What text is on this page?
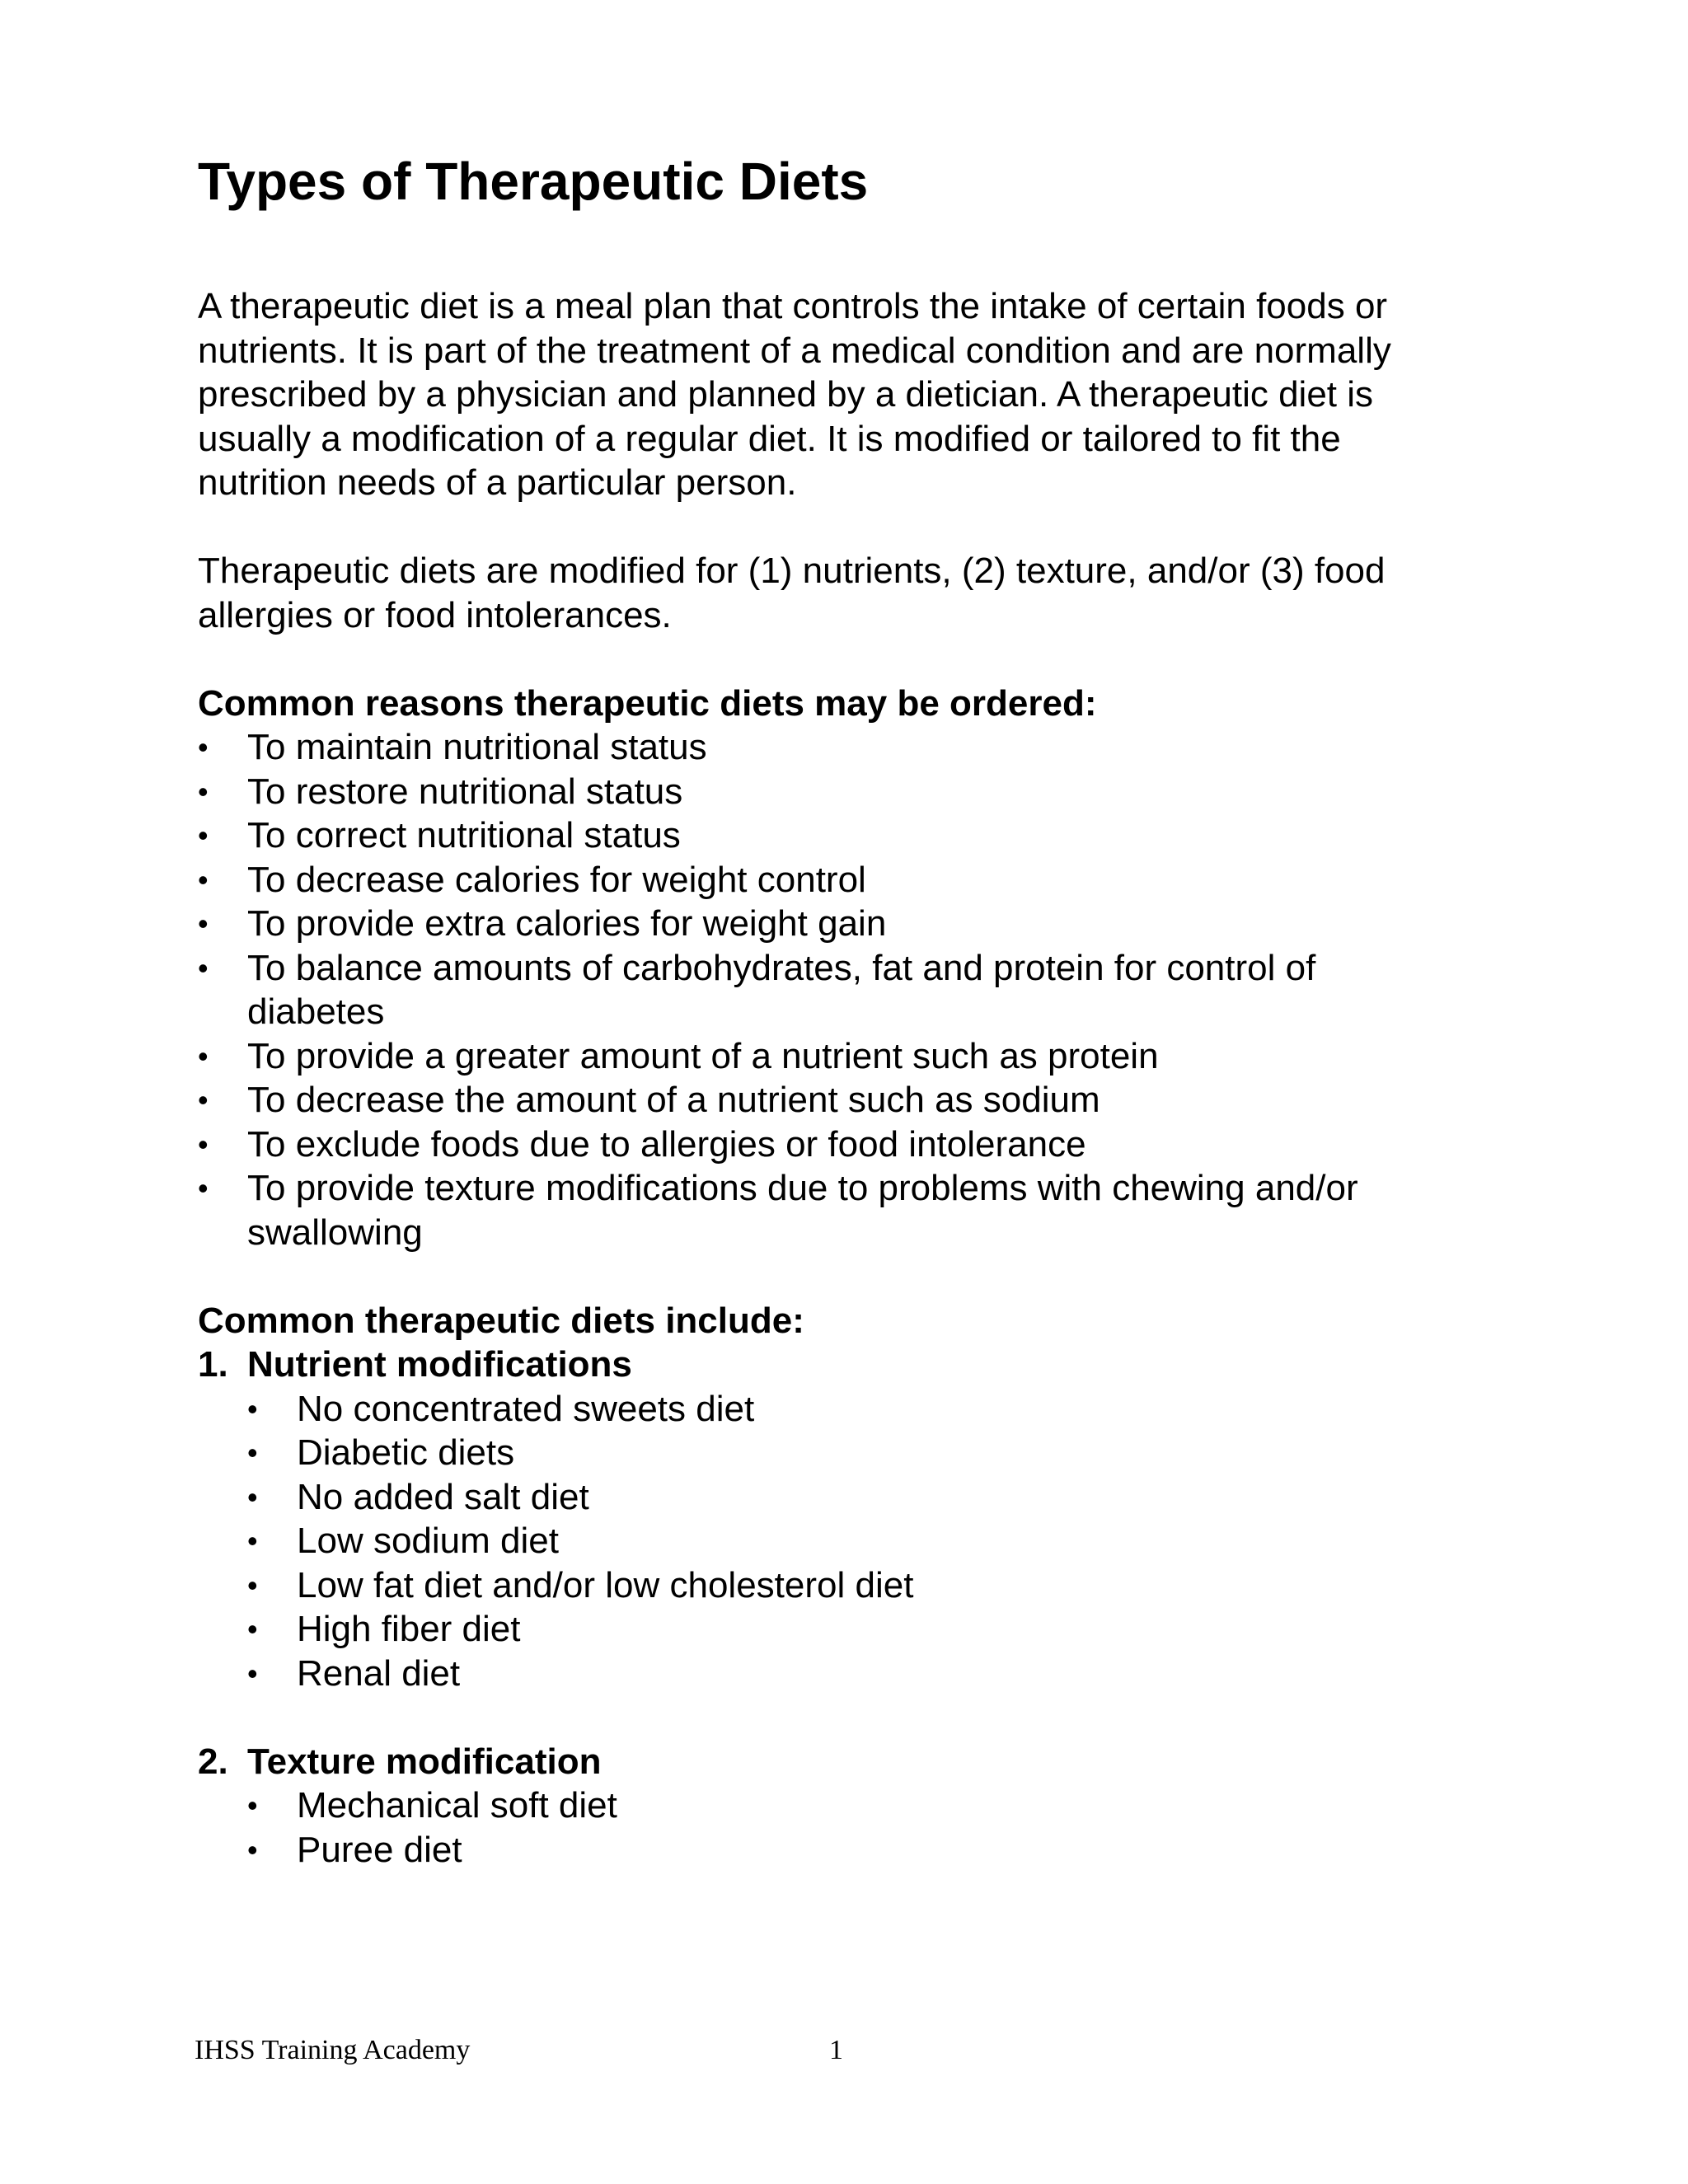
Types of Therapeutic Diets

A therapeutic diet is a meal plan that controls the intake of certain foods or
nutrients. It is part of the treatment of a medical condition and are normally
prescribed by a physician and planned by a dietician. A therapeutic diet is
usually a modification of a regular diet. It is modified or tailored to fit the
nutrition needs of a particular person.

Therapeutic diets are modified for (1) nutrients, (2) texture, and/or (3) food
allergies or food intolerances.

Common reasons therapeutic diets may be ordered:

• To maintain nutritional status
• To restore nutritional status
• To correct nutritional status
• To decrease calories for weight control
• To provide extra calories for weight gain
• To balance amounts of carbohydrates, fat and protein for control of
diabetes
• To provide a greater amount of a nutrient such as protein
• To decrease the amount of a nutrient such as sodium
• To exclude foods due to allergies or food intolerance
• To provide texture modifications due to problems with chewing and/or
swallowing

Common therapeutic diets include:

1. Nutrient modifications
• No concentrated sweets diet
• Diabetic diets
• No added salt diet
• Low sodium diet
• Low fat diet and/or low cholesterol diet
• High fiber diet
• Renal diet
2. Texture modification
• Mechanical soft diet
• Puree diet
IHSS Training Academy	1
